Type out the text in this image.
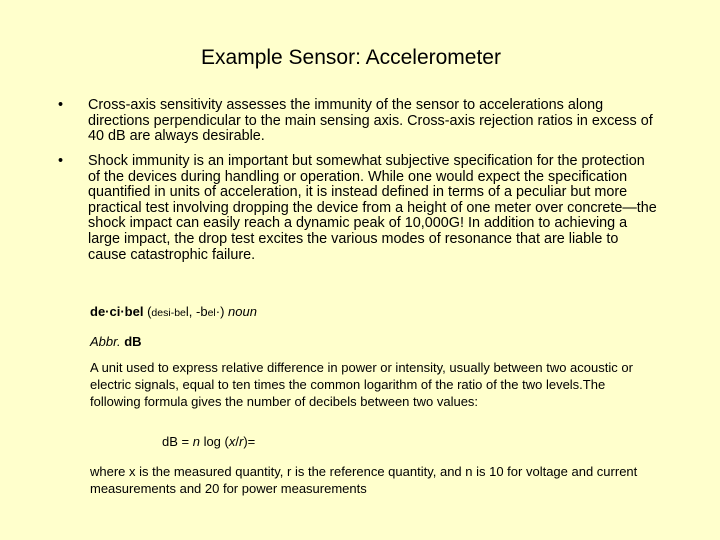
Example Sensor: Accelerometer
• Cross-axis sensitivity assesses the immunity of the sensor to accelerations along directions perpendicular to the main sensing axis. Cross-axis rejection ratios in excess of 40 dB are always desirable.
• Shock immunity is an important but somewhat subjective specification for the protection of the devices during handling or operation. While one would expect the specification quantified in units of acceleration, it is instead defined in terms of a peculiar but more practical test involving dropping the device from a height of one meter over concrete—the shock impact can easily reach a dynamic peak of 10,000G! In addition to achieving a large impact, the drop test excites the various modes of resonance that are liable to cause catastrophic failure.
de·ci·bel (desi-bel, -bel·) noun
Abbr. dB
A unit used to express relative difference in power or intensity, usually between two acoustic or electric signals, equal to ten times the common logarithm of the ratio of the two levels.The following formula gives the number of decibels between two values:
dB = n log (x/r)=
where x is the measured quantity, r is the reference quantity, and n is 10 for voltage and current measurements and 20 for power measurements
